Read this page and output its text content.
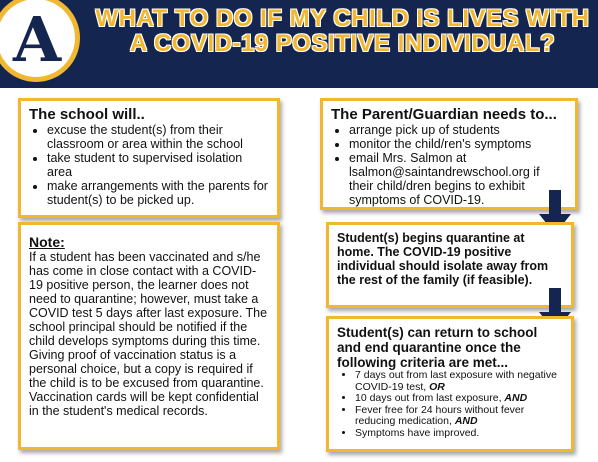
A	WHAT TO DO IF MY CHILD IS LIVES WITH A COVID-19 POSITIVE INDIVIDUAL?
The school will..
• excuse the student(s) from their classroom or area within the school
• take student to supervised isolation area
• make arrangements with the parents for student(s) to be picked up.
Note:
If a student has been vaccinated and s/he has come in close contact with a COVID-19 positive person, the learner does not need to quarantine; however, must take a COVID test 5 days after last exposure. The school principal should be notified if the child develops symptoms during this time. Giving proof of vaccination status is a personal choice, but a copy is required if the child is to be excused from quarantine. Vaccination cards will be kept confidential in the student's medical records.
The Parent/Guardian needs to...
• arrange pick up of students
• monitor the child/ren's symptoms
• email Mrs. Salmon at lsalmon@saintandrewschool.org if their child/dren begins to exhibit symptoms of COVID-19.
Student(s) begins quarantine at home. The COVID-19 positive individual should isolate away from the rest of the family (if feasible).
Student(s) can return to school and end quarantine once the following criteria are met...
• 7 days out from last exposure with negative COVID-19 test, OR
• 10 days out from last exposure, AND
• Fever free for 24 hours without fever reducing medication, AND
• Symptoms have improved.
